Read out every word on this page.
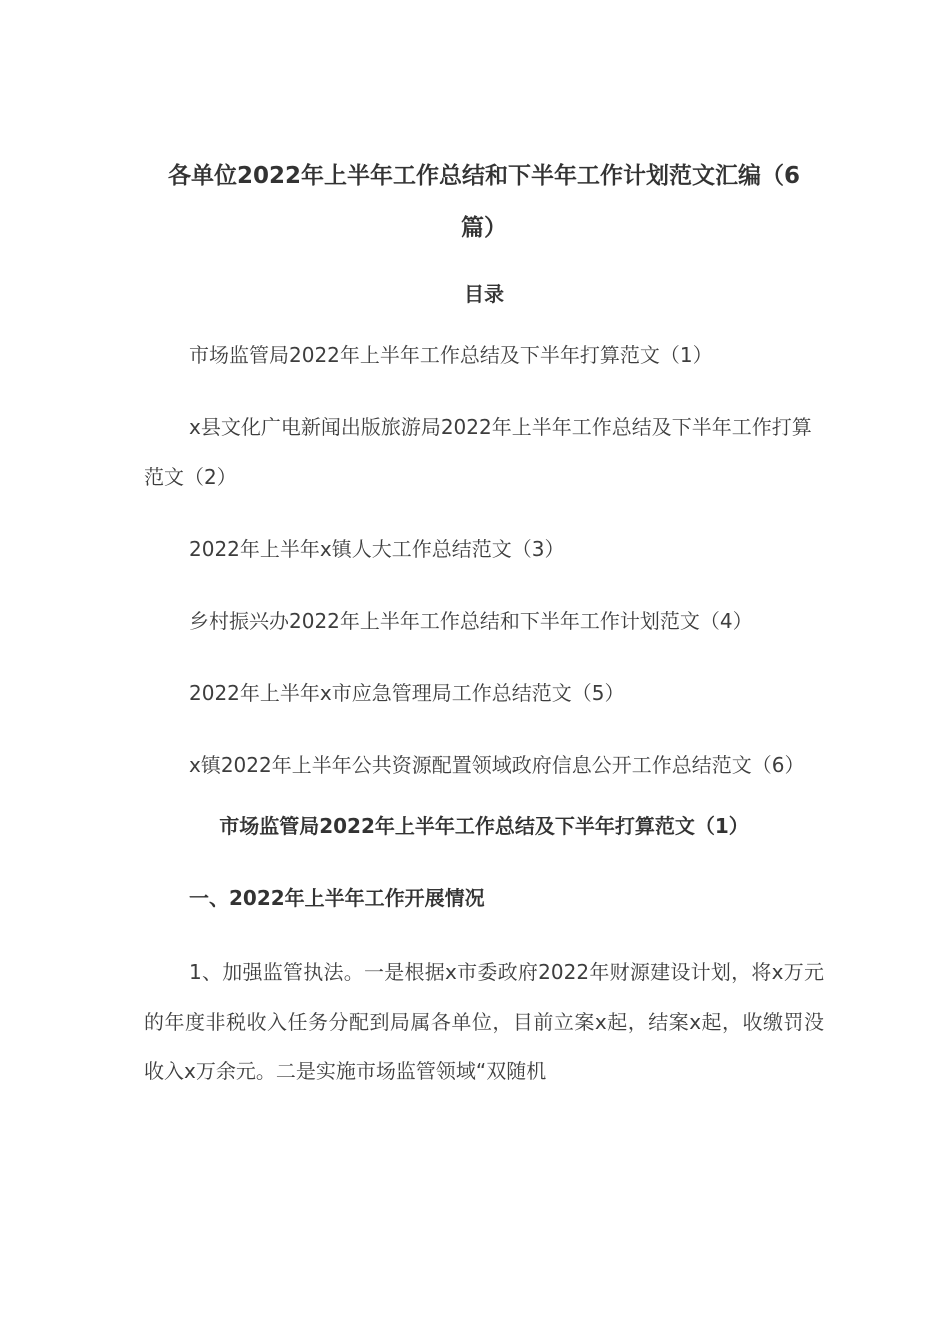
各单位2022年上半年工作总结和下半年工作计划范文汇编（6篇）
目录

市场监管局2022年上半年工作总结及下半年打算范文（1）

x县文化广电新闻出版旅游局2022年上半年工作总结及下半年工作打算范文（2）

2022年上半年x镇人大工作总结范文（3）

乡村振兴办2022年上半年工作总结和下半年工作计划范文（4）

2022年上半年x市应急管理局工作总结范文（5）

x镇2022年上半年公共资源配置领域政府信息公开工作总结范文（6）

市场监管局2022年上半年工作总结及下半年打算范文（1）
一、2022年上半年工作开展情况

1、加强监管执法。一是根据x市委政府2022年财源建设计划，将x万元的年度非税收入任务分配到局属各单位，目前立案x起，结案x起，收缴罚没收入x万余元。二是实施市场监管领域“双随机
